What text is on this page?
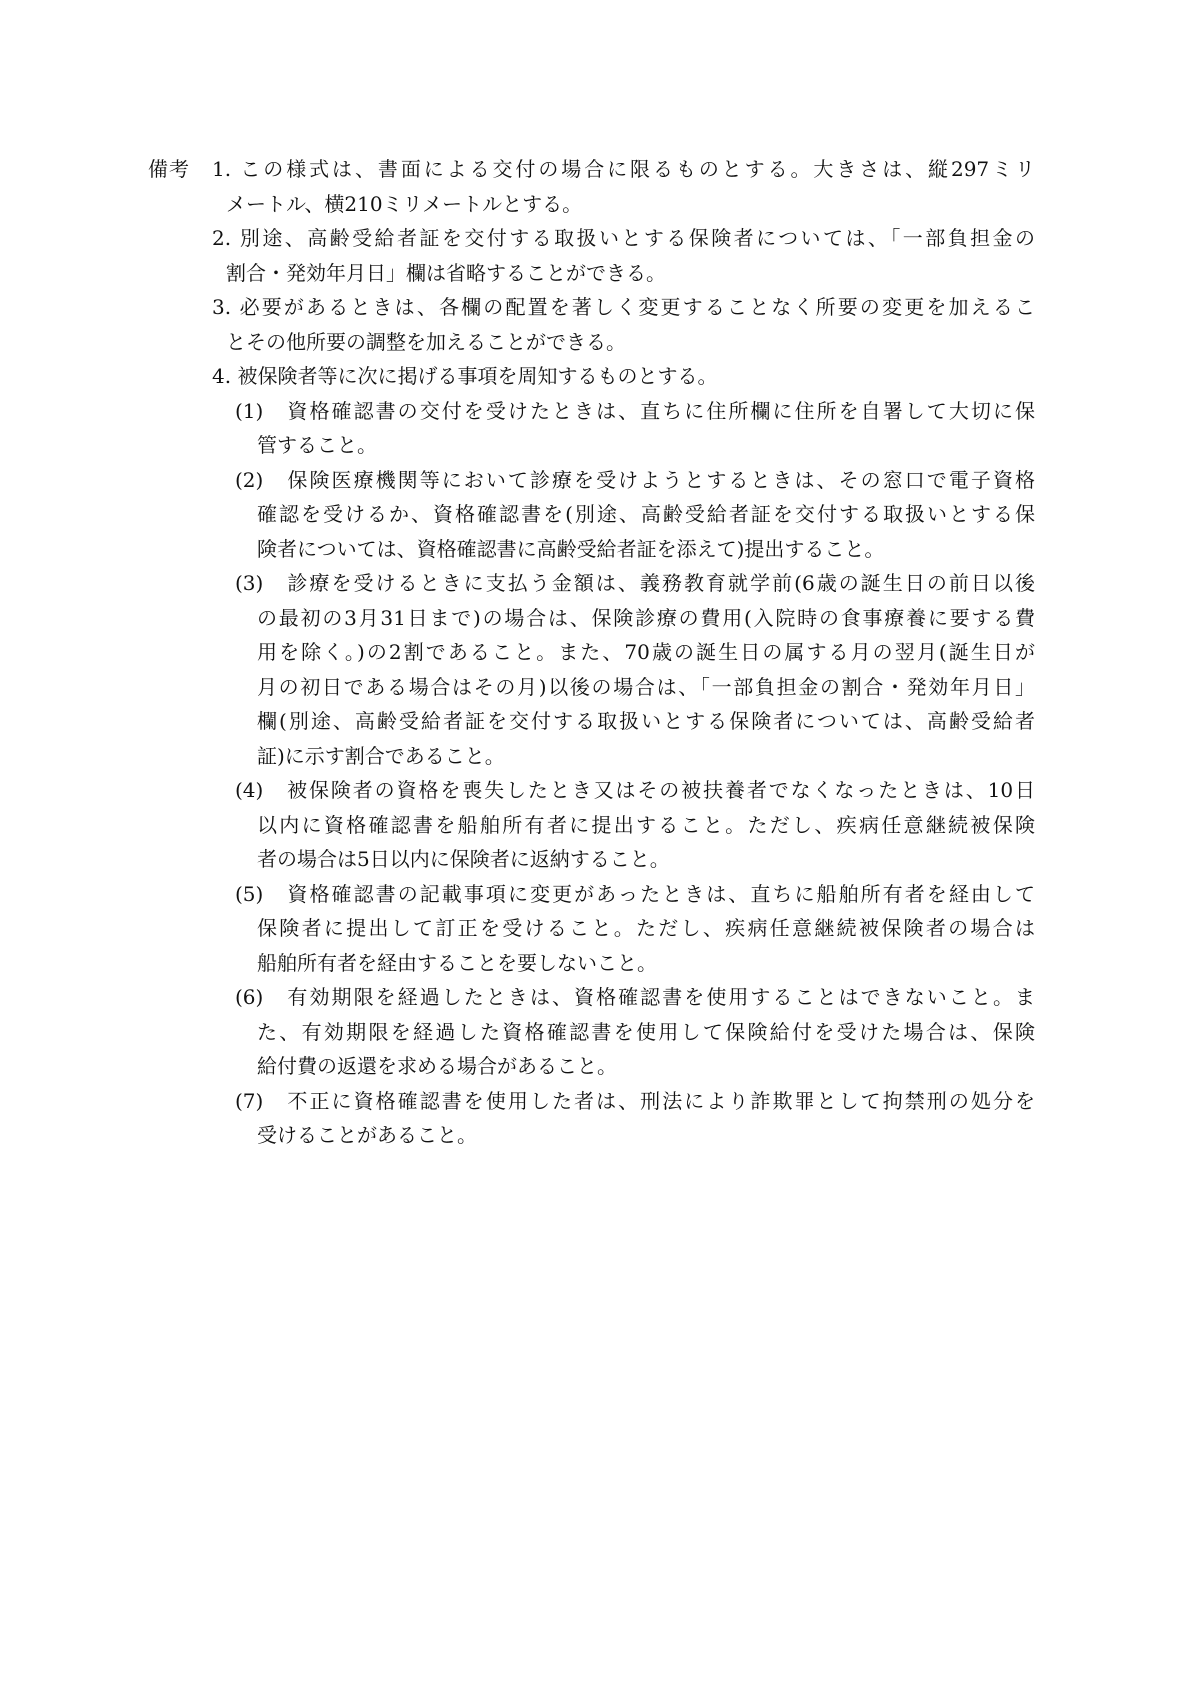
備考 1. この様式は、書面による交付の場合に限るものとする。大きさは、縦297ミリ
メートル、横210ミリメートルとする。
2. 別途、高齢受給者証を交付する取扱いとする保険者については、「一部負担金の
割合・発効年月日」欄は省略することができる。
3. 必要があるときは、各欄の配置を著しく変更することなく所要の変更を加えるこ
とその他所要の調整を加えることができる。
4. 被保険者等に次に掲げる事項を周知するものとする。
(1)　資格確認書の交付を受けたときは、直ちに住所欄に住所を自署して大切に保
管すること。
(2)　保険医療機関等において診療を受けようとするときは、その窓口で電子資格
確認を受けるか、資格確認書を(別途、高齢受給者証を交付する取扱いとする保
険者については、資格確認書に高齢受給者証を添えて)提出すること。
(3)　診療を受けるときに支払う金額は、義務教育就学前(6歳の誕生日の前日以後
の最初の3月31日まで)の場合は、保険診療の費用(入院時の食事療養に要する費
用を除く。)の2割であること。また、70歳の誕生日の属する月の翌月(誕生日が
月の初日である場合はその月)以後の場合は、「一部負担金の割合・発効年月日」
欄(別途、高齢受給者証を交付する取扱いとする保険者については、高齢受給者
証)に示す割合であること。
(4)　被保険者の資格を喪失したとき又はその被扶養者でなくなったときは、10日
以内に資格確認書を船舶所有者に提出すること。ただし、疾病任意継続被保険
者の場合は5日以内に保険者に返納すること。
(5)　資格確認書の記載事項に変更があったときは、直ちに船舶所有者を経由して
保険者に提出して訂正を受けること。ただし、疾病任意継続被保険者の場合は
船舶所有者を経由することを要しないこと。
(6)　有効期限を経過したときは、資格確認書を使用することはできないこと。ま
た、有効期限を経過した資格確認書を使用して保険給付を受けた場合は、保険
給付費の返還を求める場合があること。
(7)　不正に資格確認書を使用した者は、刑法により詐欺罪として拘禁刑の処分を
受けることがあること。
